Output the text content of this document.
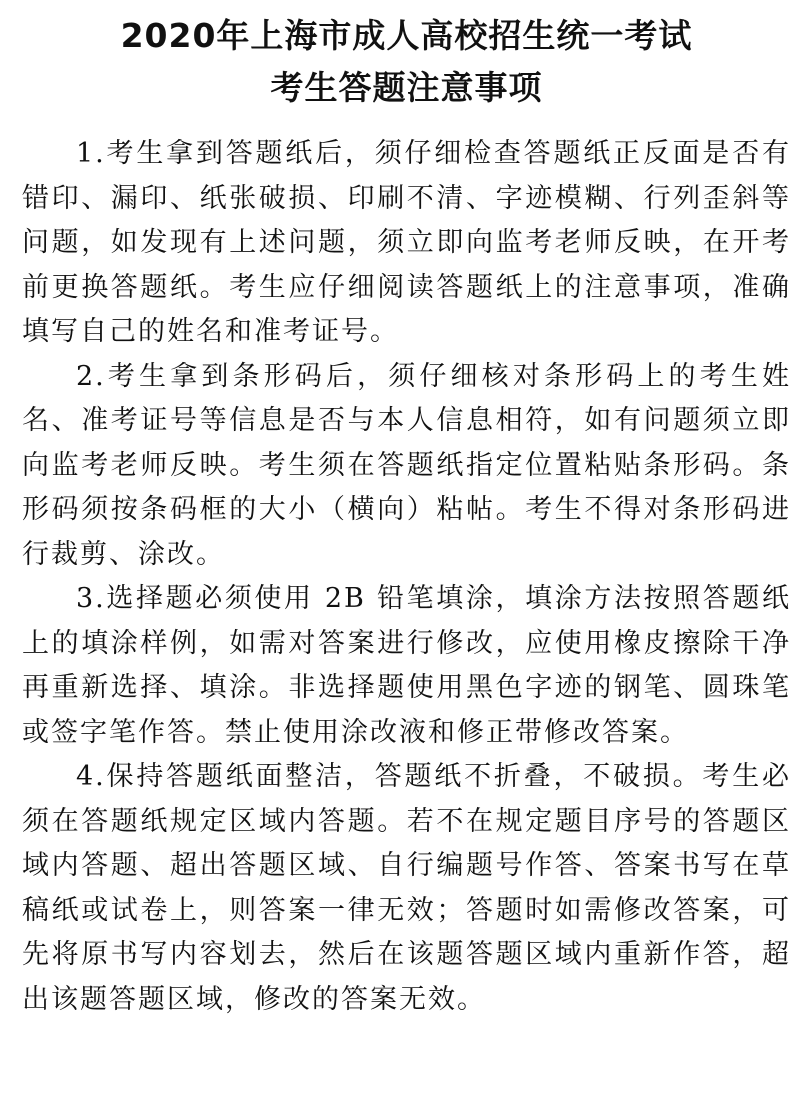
2020年上海市成人高校招生统一考试
考生答题注意事项

1.考生拿到答题纸后，须仔细检查答题纸正反面是否有错印、漏印、纸张破损、印刷不清、字迹模糊、行列歪斜等问题，如发现有上述问题，须立即向监考老师反映，在开考前更换答题纸。考生应仔细阅读答题纸上的注意事项，准确填写自己的姓名和准考证号。

2.考生拿到条形码后，须仔细核对条形码上的考生姓名、准考证号等信息是否与本人信息相符，如有问题须立即向监考老师反映。考生须在答题纸指定位置粘贴条形码。条形码须按条码框的大小（横向）粘帖。考生不得对条形码进行裁剪、涂改。

3.选择题必须使用 2B 铅笔填涂，填涂方法按照答题纸上的填涂样例，如需对答案进行修改，应使用橡皮擦除干净再重新选择、填涂。非选择题使用黑色字迹的钢笔、圆珠笔或签字笔作答。禁止使用涂改液和修正带修改答案。

4.保持答题纸面整洁，答题纸不折叠，不破损。考生必须在答题纸规定区域内答题。若不在规定题目序号的答题区域内答题、超出答题区域、自行编题号作答、答案书写在草稿纸或试卷上，则答案一律无效；答题时如需修改答案，可先将原书写内容划去，然后在该题答题区域内重新作答，超出该题答题区域，修改的答案无效。
